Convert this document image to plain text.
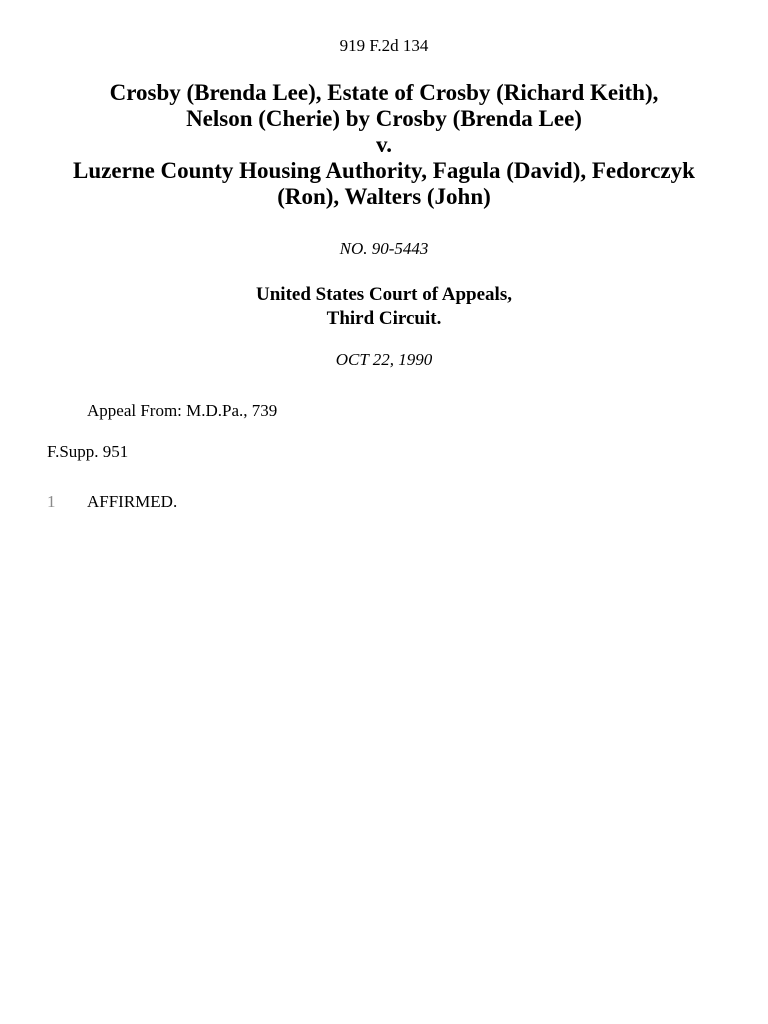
919 F.2d 134
Crosby (Brenda Lee), Estate of Crosby (Richard Keith),
Nelson (Cherie) by Crosby (Brenda Lee)
v.
Luzerne County Housing Authority, Fagula (David), Fedorczyk
(Ron), Walters (John)
NO. 90-5443
United States Court of Appeals,
Third Circuit.
OCT 22, 1990
Appeal From: M.D.Pa., 739
F.Supp. 951
1 AFFIRMED.
